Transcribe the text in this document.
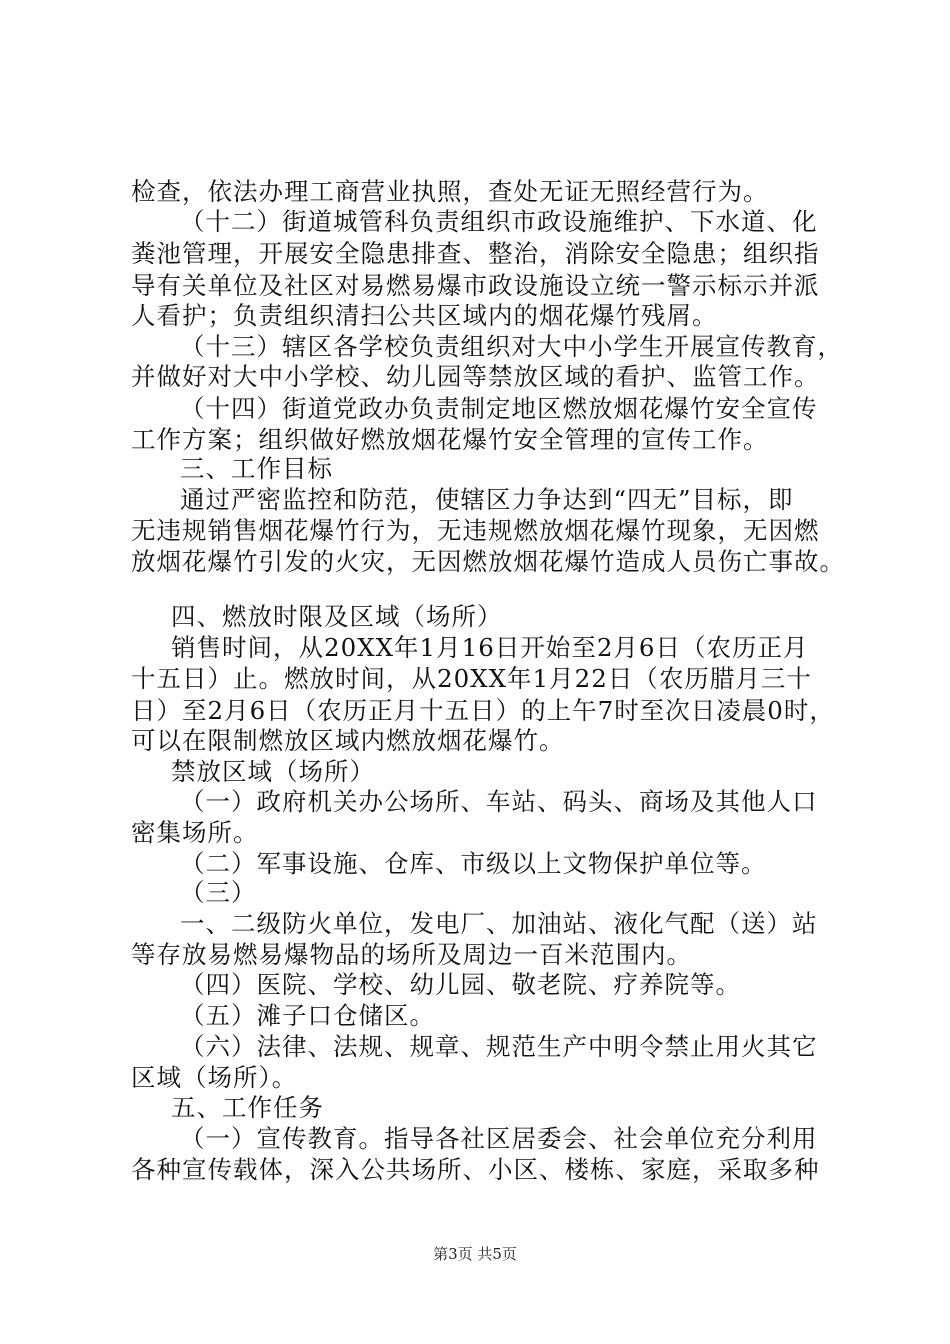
检查，依法办理工商营业执照，查处无证无照经营行为。
（十二）街道城管科负责组织市政设施维护、下水道、化
粪池管理，开展安全隐患排查、整治，消除安全隐患；组织指
导有关单位及社区对易燃易爆市政设施设立统一警示标示并派
人看护；负责组织清扫公共区域内的烟花爆竹残屑。
（十三）辖区各学校负责组织对大中小学生开展宣传教育，
并做好对大中小学校、幼儿园等禁放区域的看护、监管工作。
（十四）街道党政办负责制定地区燃放烟花爆竹安全宣传
工作方案；组织做好燃放烟花爆竹安全管理的宣传工作。
三、工作目标
通过严密监控和防范，使辖区力争达到“四无”目标，即
无违规销售烟花爆竹行为，无违规燃放烟花爆竹现象，无因燃
放烟花爆竹引发的火灾，无因燃放烟花爆竹造成人员伤亡事故。
四、燃放时限及区域（场所）
销售时间，从20XX年1月16日开始至2月6日（农历正月
十五日）止。燃放时间，从20XX年1月22日（农历腊月三十
日）至2月6日（农历正月十五日）的上午7时至次日凌晨0时，
可以在限制燃放区域内燃放烟花爆竹。
禁放区域（场所）
（一）政府机关办公场所、车站、码头、商场及其他人口
密集场所。
（二）军事设施、仓库、市级以上文物保护单位等。
（三）
一、二级防火单位，发电厂、加油站、液化气配（送）站
等存放易燃易爆物品的场所及周边一百米范围内。
（四）医院、学校、幼儿园、敬老院、疗养院等。
（五）滩子口仓储区。
（六）法律、法规、规章、规范生产中明令禁止用火其它
区域（场所）。
五、工作任务
（一）宣传教育。指导各社区居委会、社会单位充分利用
各种宣传载体，深入公共场所、小区、楼栋、家庭，采取多种
第3页 共5页
